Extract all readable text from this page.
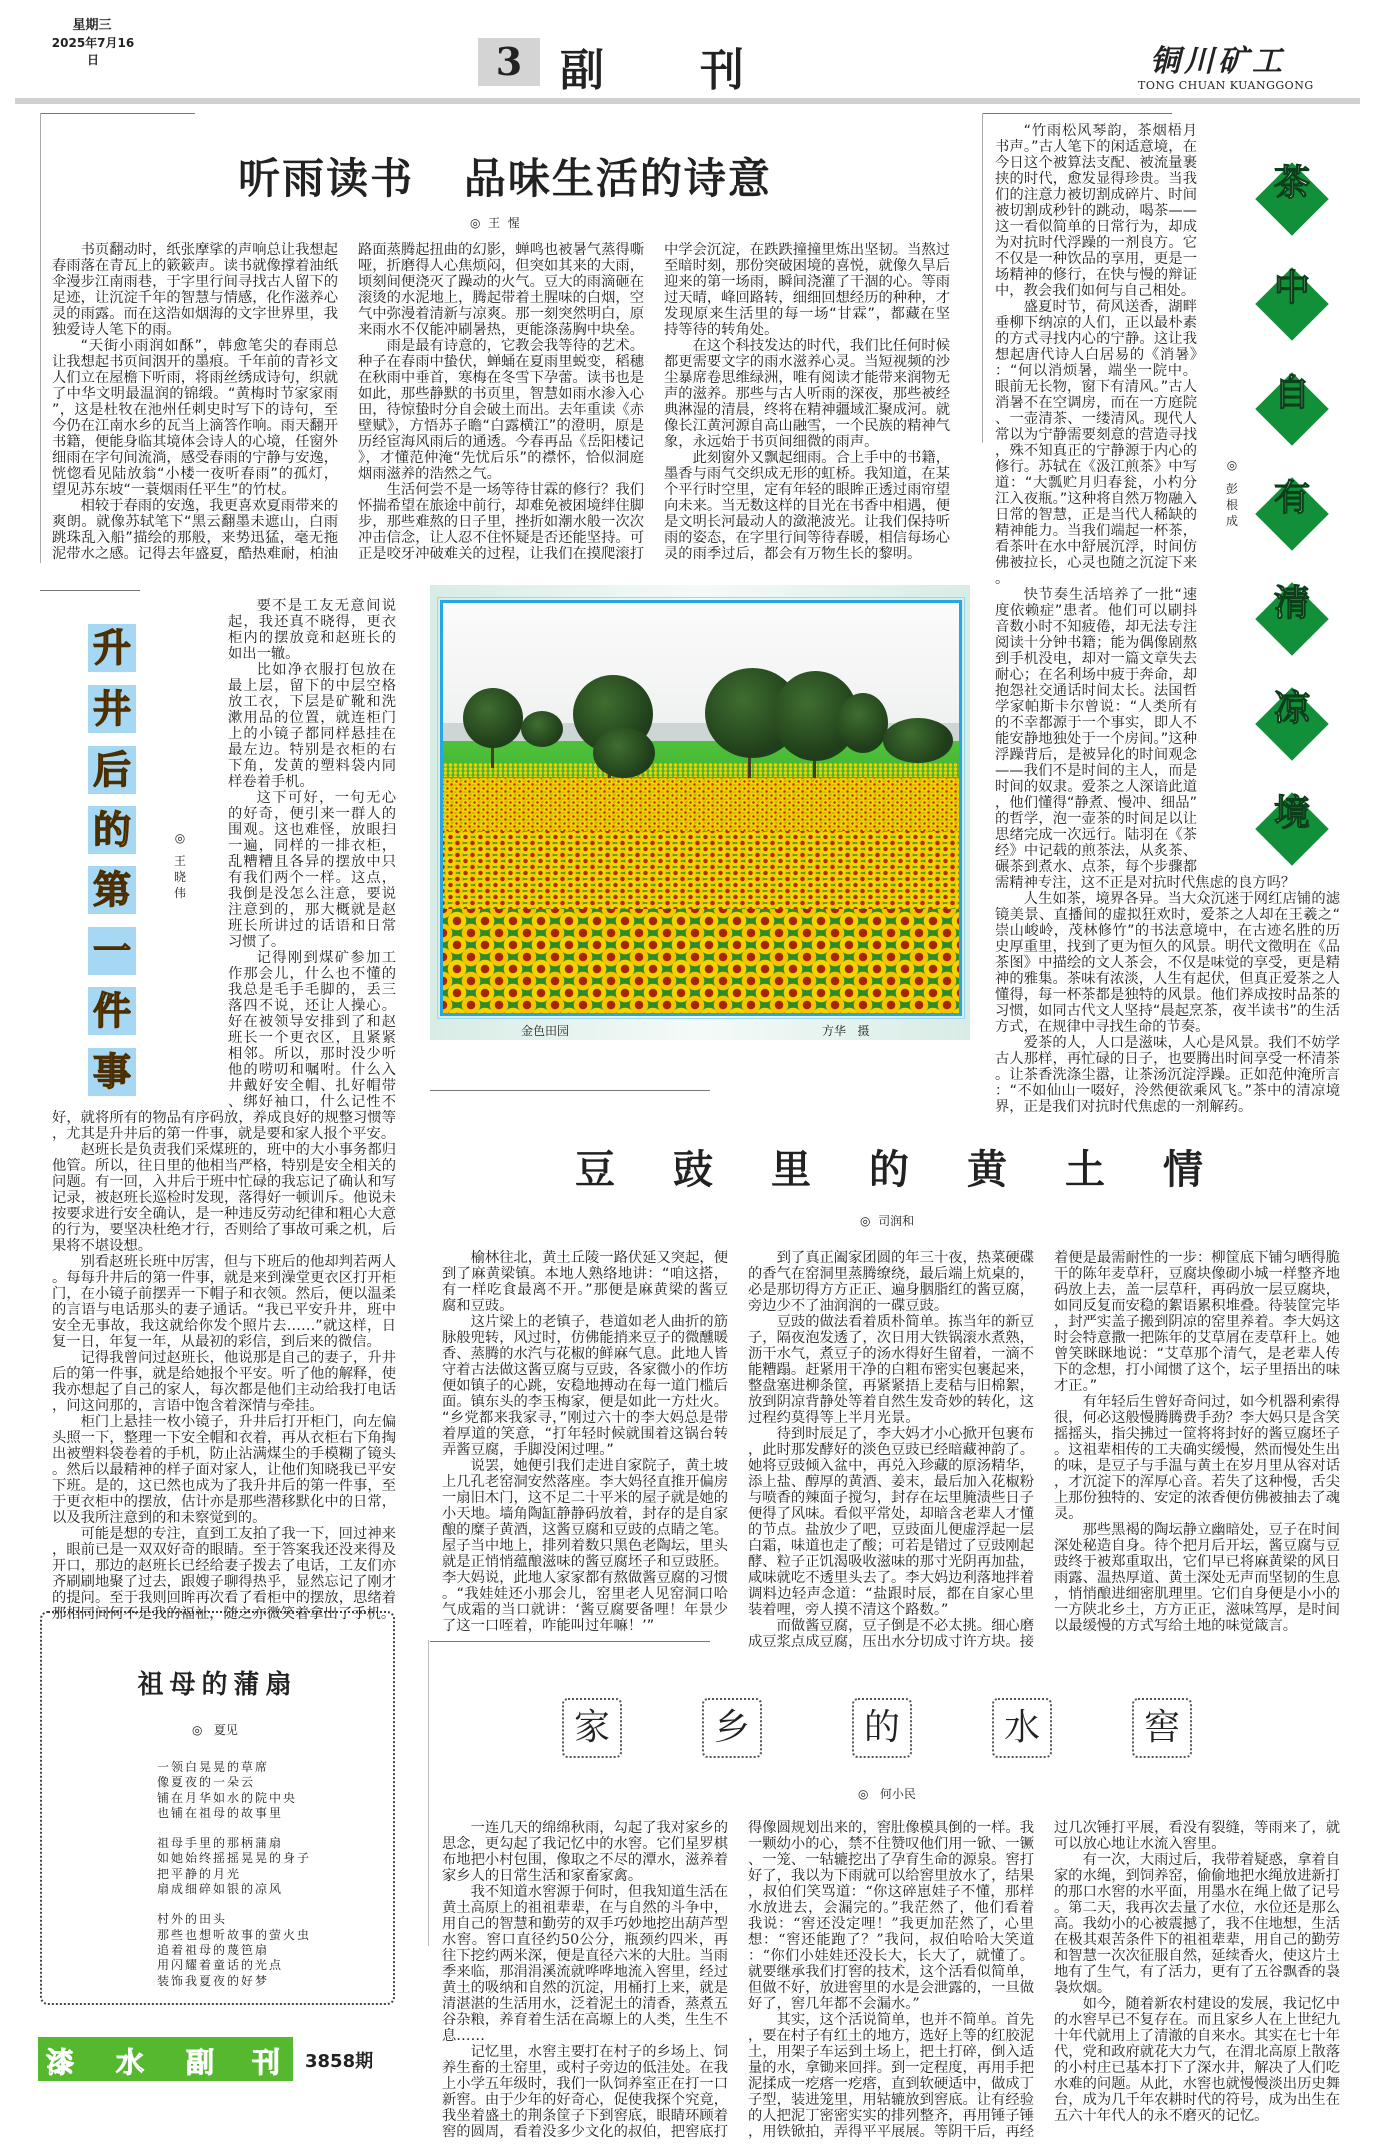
星期三
2025年7月16日	3 副刊	铜川矿工
TONG CHUAN KUANGGONG
听雨读书   品味生活的诗意
◎  王  惺

书页翻动时，纸张摩挲的声响总让我想起春雨落在青瓦上的簌簌声。读书就像撑着油纸伞漫步江南雨巷，于字里行间寻找古人留下的足迹，让沉淀千年的智慧与情感，化作滋养心灵的雨露。而在这浩如烟海的文字世界里，我独爱诗人笔下的雨。

“天街小雨润如酥”，韩愈笔尖的春雨总让我想起书页间洇开的墨痕。千年前的青衫文人们立在屋檐下听雨，将雨丝绣成诗句，织就了中华文明最温润的锦缎。“黄梅时节家家雨”，这是杜牧在池州任刺史时写下的诗句，至今仍在江南水乡的瓦当上滴答作响。雨天翻开书籍，便能身临其境体会诗人的心境，任窗外细雨在字句间流淌，感受春雨的宁静与安逸，恍惚看见陆放翁“小楼一夜听春雨”的孤灯，望见苏东坡“一蓑烟雨任平生”的竹杖。

相较于春雨的安逸，我更喜欢夏雨带来的爽朗。就像苏轼笔下“黑云翻墨未遮山，白雨跳珠乱入船”描绘的那般，来势迅猛，毫无拖泥带水之感。记得去年盛夏，酷热难耐，柏油路面蒸腾起扭曲的幻影，蝉鸣也被暑气蒸得嘶哑，折磨得人心焦烦闷，但突如其来的大雨，顷刻间便浇灭了躁动的火气。豆大的雨滴砸在滚烫的水泥地上，腾起带着土腥味的白烟，空气中弥漫着清新与凉爽。那一刻突然明白，原来雨水不仅能冲刷暑热，更能涤荡胸中块垒。

雨是最有诗意的，它教会我等待的艺术。种子在春雨中蛰伏，蝉蛹在夏雨里蜕变，稻穗在秋雨中垂首，寒梅在冬雪下孕蕾。读书也是如此，那些静默的书页里，智慧如雨水渗入心田，待惊蛰时分自会破土而出。去年重读《赤壁赋》，方悟苏子瞻“白露横江”的澄明，原是历经宦海风雨后的通透。今春再品《岳阳楼记》，才懂范仲淹“先忧后乐”的襟怀，恰似洞庭烟雨滋养的浩然之气。

生活何尝不是一场等待甘霖的修行？我们怀揣希望在旅途中前行，却难免被困境绊住脚步，那些难熬的日子里，挫折如潮水般一次次冲击信念，让人忍不住怀疑是否还能坚持。可正是咬牙冲破难关的过程，让我们在摸爬滚打中学会沉淀，在跌跌撞撞里炼出坚韧。当熬过至暗时刻，那份突破困境的喜悦，就像久旱后迎来的第一场雨，瞬间浇灌了干涸的心。等雨过天晴，峰回路转，细细回想经历的种种，才发现原来生活里的每一场“甘霖”，都藏在坚持等待的转角处。

在这个科技发达的时代，我们比任何时候都更需要文字的雨水滋养心灵。当短视频的沙尘暴席卷思维绿洲，唯有阅读才能带来润物无声的滋养。那些与古人听雨的深夜，那些被经典淋湿的清晨，终将在精神疆域汇聚成河。就像长江黄河源自高山融雪，一个民族的精神气象，永远始于书页间细微的雨声。

此刻窗外又飘起细雨。合上手中的书籍，墨香与雨气交织成无形的虹桥。我知道，在某个平行时空里，定有年轻的眼眸正透过雨帘望向未来。当无数这样的目光在书香中相遇，便是文明长河最动人的潋滟波光。让我们保持听雨的姿态，在字里行间等待春暖，相信每场心灵的雨季过后，都会有万物生长的黎明。

茶
中
自
有
清
凉
境
◎
彭根成

“竹雨松风琴韵，茶烟梧月书声。”古人笔下的闲适意境，在今日这个被算法支配、被流量裹挟的时代，愈发显得珍贵。当我们的注意力被切割成碎片、时间被切割成秒针的跳动，喝茶——这一看似简单的日常行为，却成为对抗时代浮躁的一剂良方。它不仅是一种饮品的享用，更是一场精神的修行，在快与慢的辩证中，教会我们如何与自己相处。

盛夏时节，荷风送香，湖畔垂柳下纳凉的人们，正以最朴素的方式寻找内心的宁静。这让我想起唐代诗人白居易的《消暑》：“何以消烦暑，端坐一院中。眼前无长物，窗下有清风。”古人消暑不在空调房，而在一方庭院、一壶清茶、一缕清风。现代人常以为宁静需要刻意的营造寻找，殊不知真正的宁静源于内心的修行。苏轼在《汲江煎茶》中写道：“大瓢贮月归春瓮，小杓分江入夜瓶。”这种将自然万物融入日常的智慧，正是当代人稀缺的精神能力。当我们端起一杯茶，看茶叶在水中舒展沉浮，时间仿佛被拉长，心灵也随之沉淀下来。

快节奏生活培养了一批“速度依赖症”患者。他们可以刷抖音数小时不知疲倦，却无法专注阅读十分钟书籍；能为偶像剧熬到手机没电，却对一篇文章失去耐心；在名利场中疲于奔命，却抱怨社交通话时间太长。法国哲学家帕斯卡尔曾说：“人类所有的不幸都源于一个事实，即人不能安静地独处于一个房间。”这种浮躁背后，是被异化的时间观念——我们不是时间的主人，而是时间的奴隶。爱茶之人深谙此道，他们懂得“静煮、慢冲、细品”的哲学，泡一壶茶的时间足以让思绪完成一次远行。陆羽在《茶经》中记载的煎茶法，从炙茶、碾茶到煮水、点茶，每个步骤都需精神专注，这不正是对抗时代焦虑的良方吗？

人生如茶，境界各异。当大众沉迷于网红店铺的滤镜美景、直播间的虚拟狂欢时，爱茶之人却在王羲之“崇山峻岭，茂林修竹”的书法意境中，在古迹名胜的历史厚重里，找到了更为恒久的风景。明代文徵明在《品茶图》中描绘的文人茶会，不仅是味觉的享受，更是精神的雅集。茶味有浓淡，人生有起伏，但真正爱茶之人懂得，每一杯茶都是独特的风景。他们养成按时品茶的习惯，如同古代文人坚持“晨起烹茶，夜半读书”的生活方式，在规律中寻找生命的节奏。

爱茶的人，人口是滋味，人心是风景。我们不妨学古人那样，再忙碌的日子，也要腾出时间享受一杯清茶。让茶香洗涤尘嚣，让茶汤沉淀浮躁。正如范仲淹所言：“不如仙山一啜好，泠然便欲乘风飞。”茶中的清凉境界，正是我们对抗时代焦虑的一剂解药。

升
井
后
的
第
一
件
事
◎
王晓伟

要不是工友无意间说起，我还真不晓得，更衣柜内的摆放竟和赵班长的如出一辙。

比如净衣服打包放在最上层，留下的中层空格放工衣，下层是矿靴和洗漱用品的位置，就连柜门上的小镜子都同样悬挂在最左边。特别是衣柜的右下角，发黄的塑料袋内同样卷着手机。

这下可好，一句无心的好奇，便引来一群人的围观。这也难怪，放眼扫一遍，同样的一排衣柜，乱糟糟且各异的摆放中只有我们两个一样。这点，我倒是没怎么注意，要说注意到的，那大概就是赵班长所讲过的话语和日常习惯了。

记得刚到煤矿参加工作那会儿，什么也不懂的我总是毛手毛脚的，丢三落四不说，还让人操心。好在被领导安排到了和赵班长一个更衣区，且紧紧相邻。所以，那时没少听他的唠叨和嘱咐。什么入井戴好安全帽、扎好帽带、绑好袖口，什么记性不好，就将所有的物品有序码放，养成良好的规整习惯等，尤其是升井后的第一件事，就是要和家人报个平安。

赵班长是负责我们采煤班的，班中的大小事务都归他管。所以，往日里的他相当严格，特别是安全相关的问题。有一回，入井后于班中忙碌的我忘记了确认和写记录，被赵班长巡检时发现，落得好一顿训斥。他说未按要求进行安全确认，是一种违反劳动纪律和粗心大意的行为，要坚决杜绝才行，否则给了事故可乘之机，后果将不堪设想。

别看赵班长班中厉害，但与下班后的他却判若两人。每每升井后的第一件事，就是来到澡堂更衣区打开柜门，在小镜子前摆弄一下帽子和衣领。然后，便以温柔的言语与电话那头的妻子通话。“我已平安升井，班中安全无事故，我这就给你发个照片去……”就这样，日复一日，年复一年，从最初的彩信，到后来的微信。

记得我曾问过赵班长，他说那是自己的妻子，升井后的第一件事，就是给她报个平安。听了他的解释，使我亦想起了自己的家人，每次都是他们主动给我打电话，问这问那的，言语中饱含着深情与牵挂。

柜门上悬挂一枚小镜子，升井后打开柜门，向左偏头照一下，整理一下安全帽和衣着，再从衣柜右下角掏出被塑料袋卷着的手机，防止沾满煤尘的手模糊了镜头。然后以最精神的样子面对家人，让他们知晓我已平安下班。是的，这已然也成为了我升井后的第一件事，至于更衣柜中的摆放，估计亦是那些潜移默化中的日常，以及我所注意到的和未察觉到的。

可能是想的专注，直到工友拍了我一下，回过神来，眼前已是一双双好奇的眼睛。至于答案我还没来得及开口，那边的赵班长已经给妻子拨去了电话，工友们亦齐刷刷地聚了过去，跟嫂子聊得热乎，显然忘记了刚才的提问。至于我则回眸再次看了看柜中的摆放，思绪着那相同间何不是我的福祉，随之亦微笑着拿出了手机。

金色田园	方华   摄
豆 豉 里 的 黄 土 情
◎  司润和

榆林往北，黄土丘陵一路伏延又突起，便到了麻黄梁镇。本地人熟络地讲：“咱这搭，有一样吃食最离不开。”那便是麻黄梁的酱豆腐和豆豉。

这片梁上的老镇子，巷道如老人曲折的筋脉般兜转，风过时，仿佛能捎来豆子的微醺暖香、蒸腾的水汽与花椒的鲜麻气息。此地人皆守着古法做这酱豆腐与豆豉，各家微小的作坊便如镇子的心跳，安稳地搏动在每一道门槛后面。镇东头的李玉梅家，便是如此一方灶火。“乡党都来我家寻，”刚过六十的李大妈总是带着厚道的笑意，“打年轻时候就围着这锅台转弄酱豆腐，手脚没闲过哩。”

说罢，她便引我们走进自家院子，黄土坡上几孔老窑洞安然落座。李大妈径直推开偏房一扇旧木门，这不足二十平米的屋子就是她的小天地。墙角陶缸静静码放着，封存的是自家酿的糜子黄酒，这酱豆腐和豆豉的点睛之笔。屋子当中地上，排列着数只黑色老陶坛，里头就是正悄悄蕴酿滋味的酱豆腐坯子和豆豉胚。李大妈说，此地人家家都有熬做酱豆腐的习惯。“我娃娃还小那会儿，窑里老人见窑洞口哈气成霜的当口就讲：‘酱豆腐要备哩！年景少了这一口咥着，咋能叫过年嘛！’”

到了真正阖家团圆的年三十夜，热菜硬碟的香气在窑洞里蒸腾缭绕，最后端上炕桌的，必是那切得方方正正、遍身胭脂红的酱豆腐，旁边少不了油润润的一碟豆豉。

豆豉的做法看着质朴简单。拣当年的新豆子，隔夜泡发透了，次日用大铁锅滚水煮熟，沥干水气，煮豆子的汤水得好生留着，一滴不能糟蹋。赶紧用干净的白粗布密实包裹起来，整盘塞进柳条筐，再紧紧捂上麦秸与旧棉絮，放到阴凉背静处等着自然生发奇妙的转化，这过程约莫得等上半月光景。

待到时辰足了，李大妈才小心掀开包裹布，此时那发酵好的淡色豆豉已经暗藏神韵了。她将豆豉倾入盆中，再兑入珍藏的原汤精华，添上盐、醇厚的黄酒、姜末，最后加入花椒粉与喷香的辣面子搅匀，封存在坛里腌渍些日子便得了风味。看似平常处，却暗含老辈人才懂的节点。盐放少了吧，豆豉面儿便虚浮起一层白霜，味道也走了酸；可若是错过了豆豉刚起酵、粒子正饥渴吸收滋味的那寸光阴再加盐，咸味就吃不透里头去了。李大妈边利落地拌着调料边轻声念道：“盐跟时辰，都在自家心里装着哩，旁人摸不清这个路数。”

而做酱豆腐，豆子倒是不必太挑。细心磨成豆浆点成豆腐，压出水分切成寸许方块。接着便是最需耐性的一步：柳筐底下铺匀晒得脆干的陈年麦草秆，豆腐块像砌小城一样整齐地码放上去，盖一层草秆，再码放一层豆腐块，如同反复而安稳的絮语累积堆叠。待装筐完毕，封严实盖子搬到阴凉的窑里养着。李大妈这时会特意撒一把陈年的艾草屑在麦草秆上。她曾笑眯眯地说：“艾草那个清气，是老辈人传下的念想，打小闻惯了这个，坛子里捂出的味才正。”

有年轻后生曾好奇问过，如今机器利索得很，何必这般慢腾腾费手劲？李大妈只是含笑摇摇头，指尖拂过一筐将将封好的酱豆腐坯子。这祖辈相传的工夫确实缓慢，然而慢处生出的味，是豆子与手温与黄土在岁月里从容对话，才沉淀下的浑厚心音。若失了这种慢，舌尖上那份独特的、安定的浓香便仿佛被抽去了魂灵。

那些黑褐的陶坛静立幽暗处，豆子在时间深处秘造自身。待个把月后开坛，酱豆腐与豆豉终于被郑重取出，它们早已将麻黄梁的风日雨露、温热厚道、黄土深处无声而坚韧的生息，悄悄酿进细密肌理里。它们自身便是小小的一方陕北乡土，方方正正，滋味笃厚，是时间以最缓慢的方式写给土地的味觉箴言。

祖母的蒲扇
◎   夏见
一领白晃晃的草席
像夏夜的一朵云
铺在月华如水的院中央
也铺在祖母的故事里
祖母手里的那柄蒲扇
如她始终摇摇晃晃的身子
把平静的月光
扇成细碎如银的凉风
村外的田头
那些也想听故事的萤火虫
追着祖母的蔑笆扇
用闪耀着童话的光点
装饰我夏夜的好梦
家	乡	的	水	窖
◎   何小民

一连几天的绵绵秋雨，勾起了我对家乡的思念，更勾起了我记忆中的水窖。它们星罗棋布地把小村包围，像取之不尽的潭水，滋养着家乡人的日常生活和家畜家禽。

我不知道水窖源于何时，但我知道生活在黄土高原上的祖祖辈辈，在与自然的斗争中，用自己的智慧和勤劳的双手巧妙地挖出葫芦型水窖。窖口直径约50公分，瓶颈约四米，再往下挖约两米深，便是直径六米的大肚。当雨季来临，那涓涓溪流就哗哗地流入窖里，经过黄土的吸纳和自然的沉淀，用桶打上来，就是清湛湛的生活用水，泛着泥土的清香，蒸煮五谷杂粮，养育着生活在高塬上的人类，生生不息……

记忆里，水窖主要打在村子的乡场上、饲养生畜的土窑里，或村子旁边的低洼处。在我上小学五年级时，我们一队饲养室正在打一口新窖。由于少年的好奇心，促使我探个究竟，我坐着盛土的荆条筐子下到窖底，眼睛环顾着窖的圆周，看着没多少文化的叔伯，把窖底打得像圆规划出来的，窖肚像模具倒的一样。我一颗幼小的心，禁不住赞叹他们用一锨、一镢、一笼、一轱辘挖出了孕育生命的源泉。窖打好了，我以为下雨就可以给窖里放水了，结果，叔伯们笑骂道：“你这碎崽娃子不懂，那样水放进去，会漏完的。”我茫然了，他们看着我说：“窖还没定哩！”我更加茫然了，心里想：“窖还能跑了？”我问，叔伯哈哈大笑道：“你们小娃娃还没长大，长大了，就懂了。就要继承我们打窖的技术，这个活看似简单，但做不好，放进窖里的水是会泄露的，一旦做好了，窖几年都不会漏水。”

其实，这个活说简单，也并不简单。首先，要在村子有红土的地方，选好上等的红胶泥土，用架子车运到土场上，把土打碎，倒入适量的水，拿锄来回拌。到一定程度，再用手把泥揉成一疙瘩一疙瘩，直到软硬适中，做成丁子型，装进笼里，用轱辘放到窖底。让有经验的人把泥丁密密实实的排列整齐，再用锤子锤，用铁锨拍，弄得平平展展。等阴干后，再经过几次锤打平展，看没有裂缝，等雨来了，就可以放心地让水流入窖里。

有一次，大雨过后，我带着疑惑，拿着自家的水绳，到饲养窑，偷偷地把水绳放进新打的那口水窖的水平面，用墨水在绳上做了记号。第二天，我再次去量了水位，水位还是那么高。我幼小的心被震撼了，我不住地想，生活在极其艰苦条件下的祖祖辈辈，用自己的勤劳和智慧一次次征服自然，延续香火，使这片土地有了生气，有了活力，更有了五谷飘香的袅袅炊烟。

如今，随着新农村建设的发展，我记忆中的水窖早已不复存在。而且家乡人在上世纪九十年代就用上了清澈的自来水。其实在七十年代，党和政府就花大力气，在渭北高原上散落的小村庄已基本打下了深水井，解决了人们吃水难的问题。从此，水窖也就慢慢淡出历史舞台，成为几千年农耕时代的符号，成为出生在五六十年代人的永不磨灭的记忆。

漆 水 副 刊 3858期
